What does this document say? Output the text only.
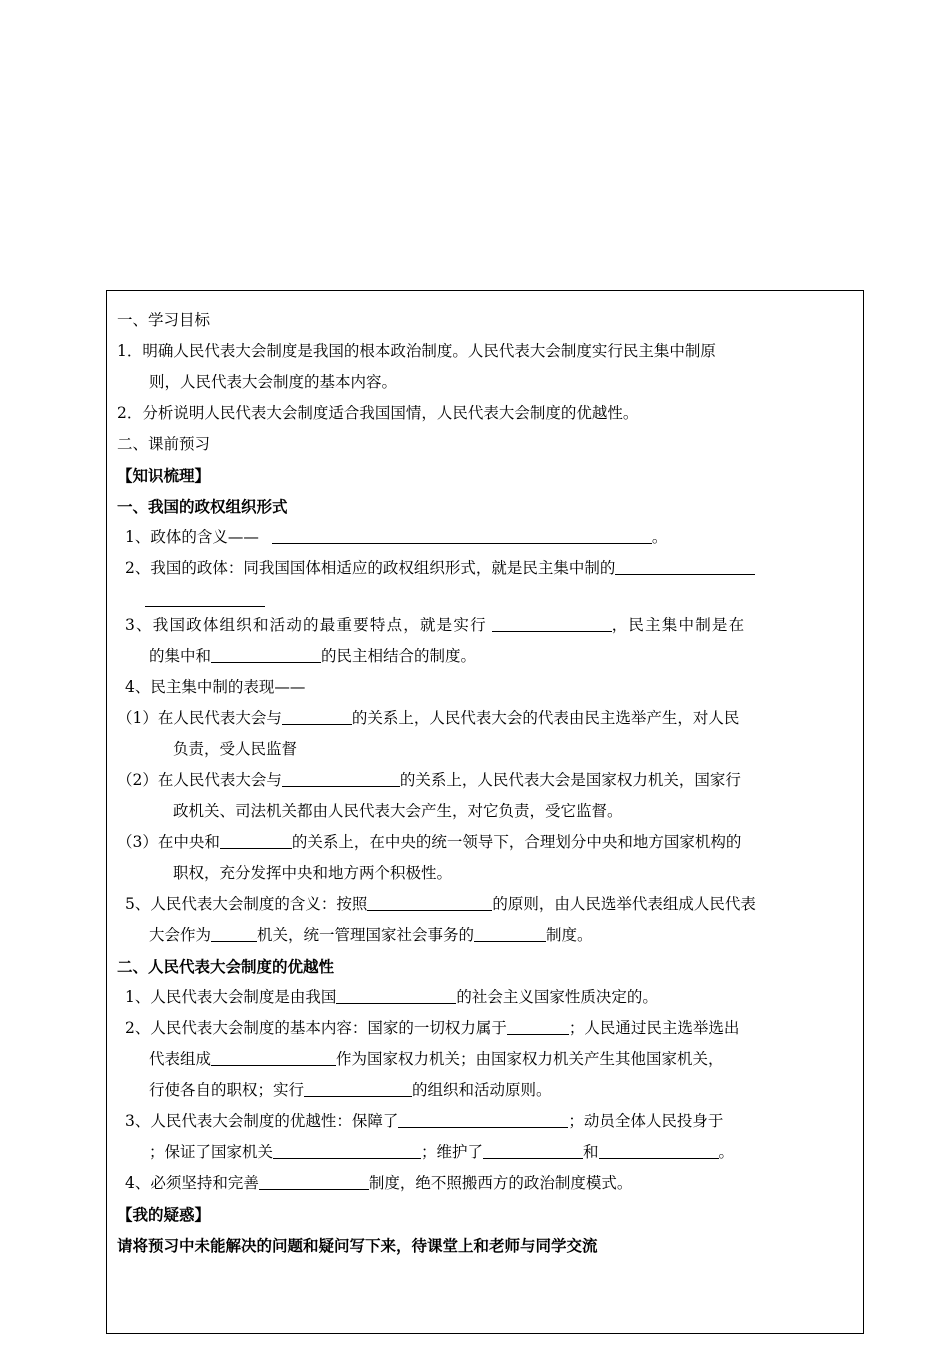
一、学习目标
1．明确人民代表大会制度是我国的根本政治制度。人民代表大会制度实行民主集中制原
则，人民代表大会制度的基本内容。
2．分析说明人民代表大会制度适合我国国情，人民代表大会制度的优越性。
二、课前预习
【知识梳理】
一、我国的政权组织形式
1、政体的含义——	。
2、我国的政体：同我国国体相适应的政权组织形式，就是民主集中制的
3、我国政体组织和活动的最重要特点，就是实行	，民主集中制是在
的集中和	的民主相结合的制度。
4、民主集中制的表现——
（1）在人民代表大会与	的关系上，人民代表大会的代表由民主选举产生，对人民
负责，受人民监督
（2）在人民代表大会与	的关系上，人民代表大会是国家权力机关，国家行
政机关、司法机关都由人民代表大会产生，对它负责，受它监督。
（3）在中央和	的关系上，在中央的统一领导下，合理划分中央和地方国家机构的
职权，充分发挥中央和地方两个积极性。
5、人民代表大会制度的含义：按照	的原则，由人民选举代表组成人民代表
大会作为	机关，统一管理国家社会事务的	制度。
二、人民代表大会制度的优越性
1、人民代表大会制度是由我国	的社会主义国家性质决定的。
2、人民代表大会制度的基本内容：国家的一切权力属于	；人民通过民主选举选出
代表组成	作为国家权力机关；由国家权力机关产生其他国家机关，
行使各自的职权；实行	的组织和活动原则。
3、人民代表大会制度的优越性：保障了	；动员全体人民投身于
；保证了国家机关	；维护了	和	。
4、必须坚持和完善	制度，绝不照搬西方的政治制度模式。
【我的疑惑】
请将预习中未能解决的问题和疑问写下来，待课堂上和老师与同学交流
